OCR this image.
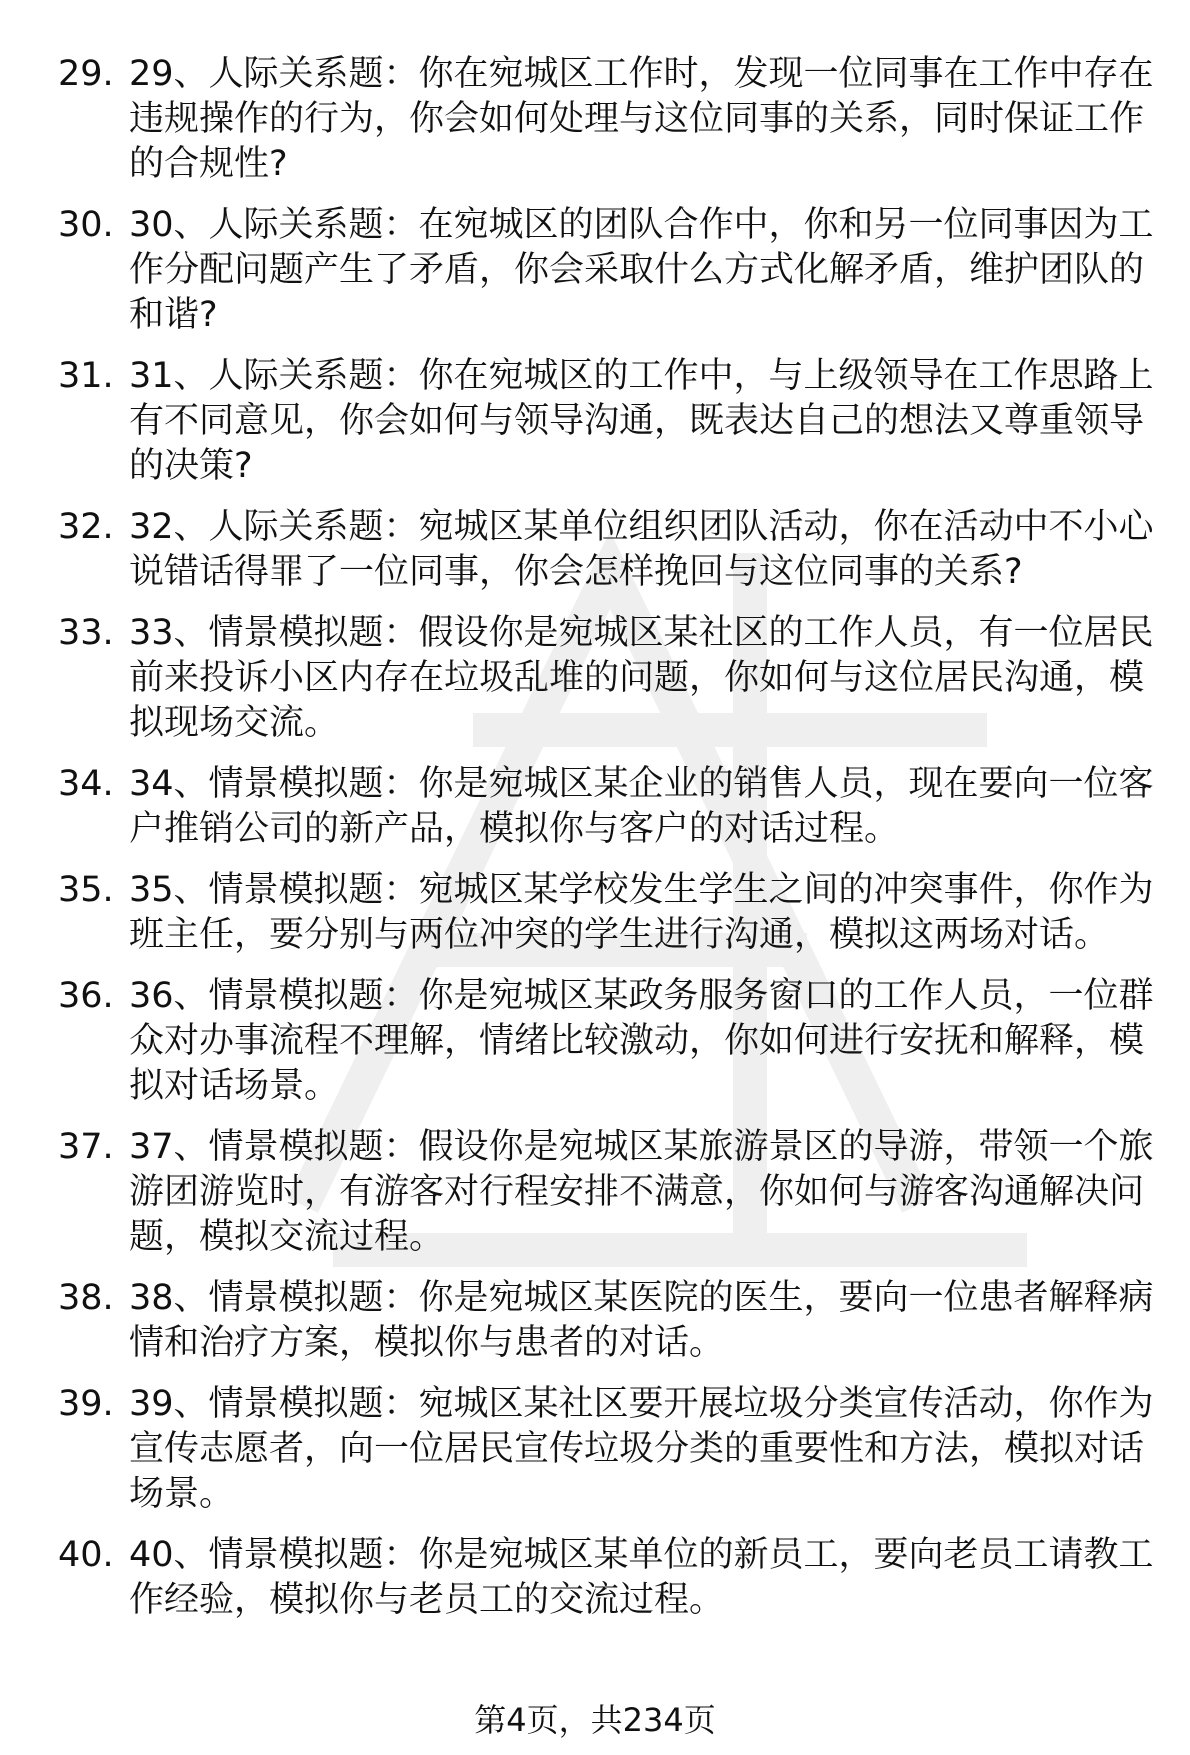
29. 29、人际关系题：你在宛城区工作时，发现一位同事在工作中存在违规操作的行为，你会如何处理与这位同事的关系，同时保证工作的合规性?
30. 30、人际关系题：在宛城区的团队合作中，你和另一位同事因为工作分配问题产生了矛盾，你会采取什么方式化解矛盾，维护团队的和谐?
31. 31、人际关系题：你在宛城区的工作中，与上级领导在工作思路上有不同意见，你会如何与领导沟通，既表达自己的想法又尊重领导的决策?
32. 32、人际关系题：宛城区某单位组织团队活动，你在活动中不小心说错话得罪了一位同事，你会怎样挽回与这位同事的关系?
33. 33、情景模拟题：假设你是宛城区某社区的工作人员，有一位居民前来投诉小区内存在垃圾乱堆的问题，你如何与这位居民沟通，模拟现场交流。
34. 34、情景模拟题：你是宛城区某企业的销售人员，现在要向一位客户推销公司的新产品，模拟你与客户的对话过程。
35. 35、情景模拟题：宛城区某学校发生学生之间的冲突事件，你作为班主任，要分别与两位冲突的学生进行沟通，模拟这两场对话。
36. 36、情景模拟题：你是宛城区某政务服务窗口的工作人员，一位群众对办事流程不理解，情绪比较激动，你如何进行安抚和解释，模拟对话场景。
37. 37、情景模拟题：假设你是宛城区某旅游景区的导游，带领一个旅游团游览时，有游客对行程安排不满意，你如何与游客沟通解决问题，模拟交流过程。
38. 38、情景模拟题：你是宛城区某医院的医生，要向一位患者解释病情和治疗方案，模拟你与患者的对话。
39. 39、情景模拟题：宛城区某社区要开展垃圾分类宣传活动，你作为宣传志愿者，向一位居民宣传垃圾分类的重要性和方法，模拟对话场景。
40. 40、情景模拟题：你是宛城区某单位的新员工，要向老员工请教工作经验，模拟你与老员工的交流过程。
第4页，共234页
